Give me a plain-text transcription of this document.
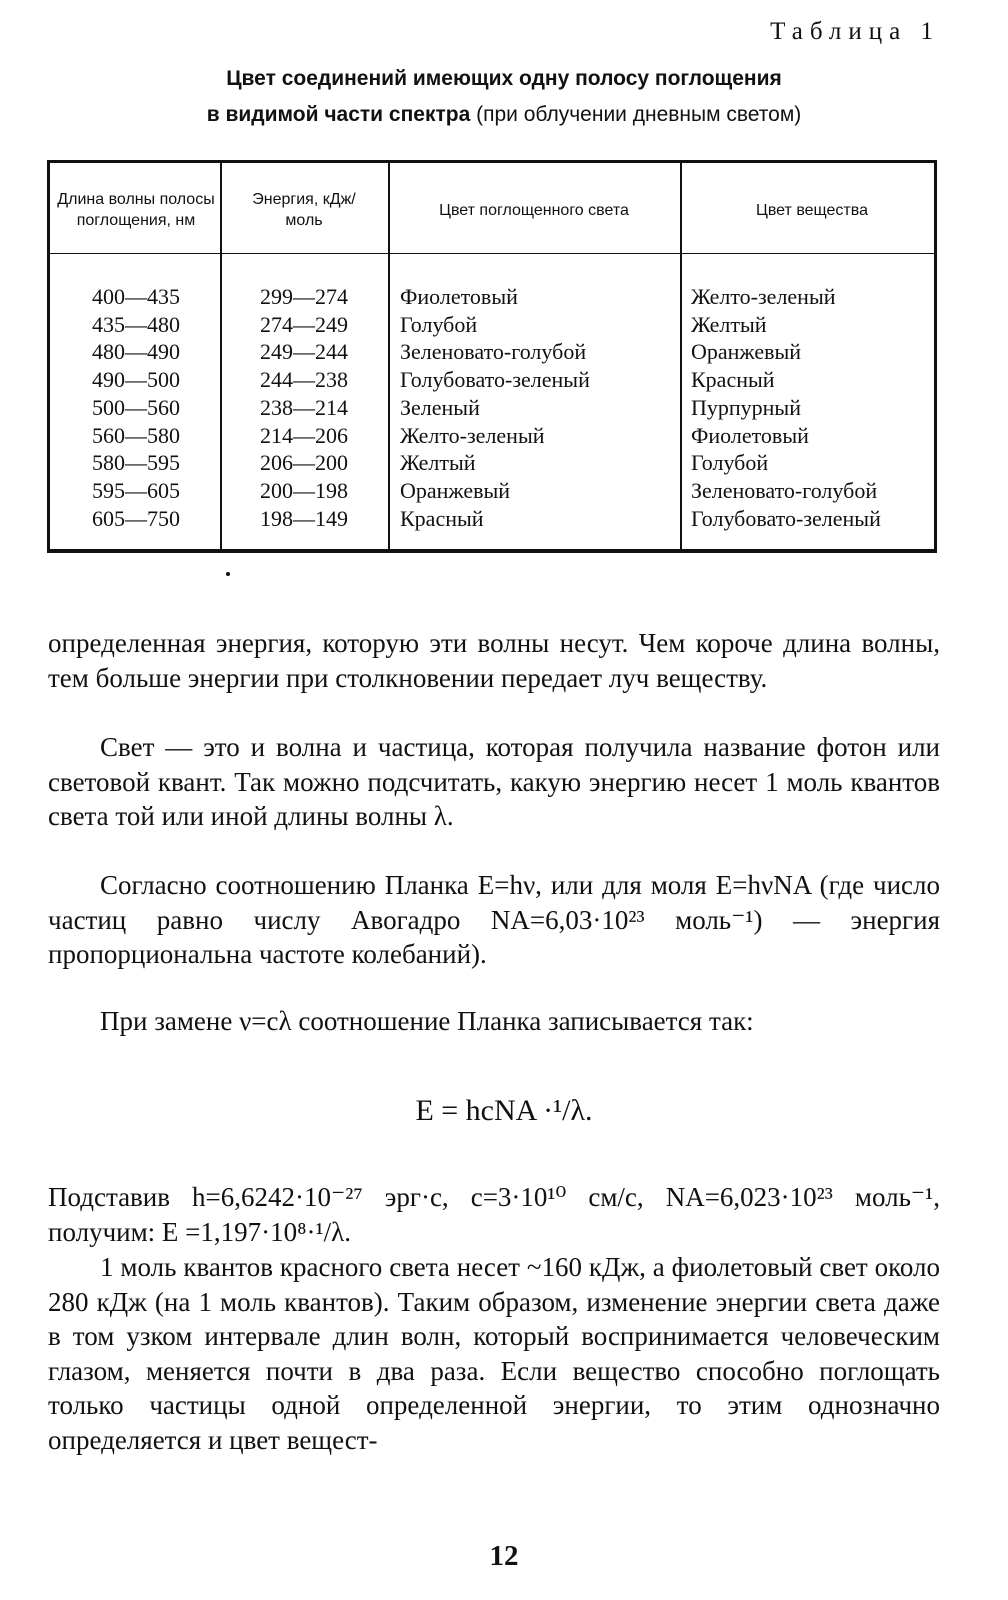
Таблица 1
Цвет соединений имеющих одну полосу поглощения
в видимой части спектра (при облучении дневным светом)
Длина волны полосы поглощения, нм
Энергия, кДж/моль
Цвет поглощенного света	Цвет вещества
400—435
435—480
480—490
490—500
500—560
560—580
580—595
595—605
605—750
299—274
274—249
249—244
244—238
238—214
214—206
206—200
200—198
198—149
Фиолетовый
Голубой
Зеленовато-голубой
Голубовато-зеленый
Зеленый
Желто-зеленый
Желтый
Оранжевый
Красный
Желто-зеленый
Желтый
Оранжевый
Красный
Пурпурный
Фиолетовый
Голубой
Зеленовато-голубой
Голубовато-зеленый
определенная энергия, которую эти волны несут. Чем короче длина волны, тем больше энергии при столкновении передает луч веществу.
Свет — это и волна и частица, которая получила название фотон или световой квант. Так можно подсчитать, какую энергию несет 1 моль квантов света той или иной длины волны λ.
Согласно соотношению Планка E=hν, или для моля E=hνNA (где число частиц равно числу Авогадро NA=6,03·10²³ моль⁻¹) — энергия пропорциональна частоте колебаний).
При замене ν=cλ соотношение Планка записывается так:
E = hcNA ·¹/λ.
Подставив h=6,6242·10⁻²⁷ эрг·с, c=3·10¹⁰ см/с, NA=6,023·10²³ моль⁻¹, получим: E =1,197·10⁸·¹/λ.
1 моль квантов красного света несет ~160 кДж, а фиолетовый свет около 280 кДж (на 1 моль квантов). Таким образом, изменение энергии света даже в том узком интервале длин волн, который воспринимается человеческим глазом, меняется почти в два раза. Если вещество способно поглощать только частицы одной определенной энергии, то этим однозначно определяется и цвет вещест-
12
